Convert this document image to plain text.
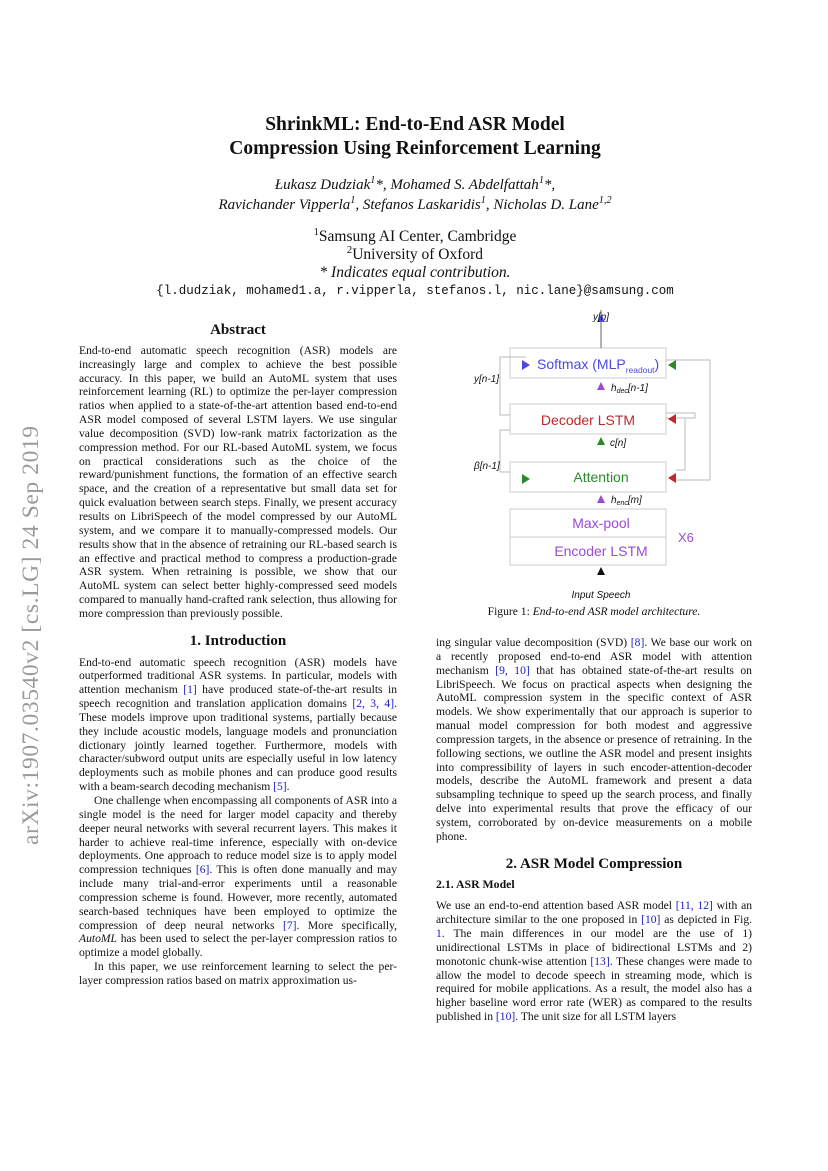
arXiv:1907.03540v2 [cs.LG] 24 Sep 2019
ShrinkML: End-to-End ASR Model
Compression Using Reinforcement Learning
Łukasz Dudziak$^1$*, Mohamed S. Abdelfattah$^1$*,
Ravichander Vipperla$^1$, Stefanos Laskaridis$^1$, Nicholas D. Lane$^{1,2}$
$^1$Samsung AI Center, Cambridge
$^2$University of Oxford
* Indicates equal contribution.
{l.dudziak, mohamed1.a, r.vipperla, stefanos.l, nic.lane}@samsung.com
Abstract

End-to-end automatic speech recognition (ASR) models are increasingly large and complex to achieve the best possible accuracy. In this paper, we build an AutoML system that uses reinforcement learning (RL) to optimize the per-layer compression ratios when applied to a state-of-the-art attention based end-to-end ASR model composed of several LSTM layers. We use singular value decomposition (SVD) low-rank matrix factorization as the compression method. For our RL-based AutoML system, we focus on practical considerations such as the choice of the reward/punishment functions, the formation of an effective search space, and the creation of a representative but small data set for quick evaluation between search steps. Finally, we present accuracy results on LibriSpeech of the model compressed by our AutoML system, and we compare it to manually-compressed models. Our results show that in the absence of retraining our RL-based search is an effective and practical method to compress a production-grade ASR system. When retraining is possible, we show that our AutoML system can select better highly-compressed seed models compared to manually hand-crafted rank selection, thus allowing for more compression than previously possible.

1. Introduction

End-to-end automatic speech recognition (ASR) models have outperformed traditional ASR systems. In particular, models with attention mechanism [1] have produced state-of-the-art results in speech recognition and translation application domains [2, 3, 4]. These models improve upon traditional systems, partially because they include acoustic models, language models and pronunciation dictionary jointly learned together. Furthermore, models with character/subword output units are especially useful in low latency deployments such as mobile phones and can produce good results with a beam-search decoding mechanism [5].

One challenge when encompassing all components of ASR into a single model is the need for larger model capacity and thereby deeper neural networks with several recurrent layers. This makes it harder to achieve real-time inference, especially with on-device deployments. One approach to reduce model size is to apply model compression techniques [6]. This is often done manually and may include many trial-and-error experiments until a reasonable compression scheme is found. However, more recently, automated search-based techniques have been employed to optimize the compression of deep neural networks [7]. More specifically, AutoML has been used to select the per-layer compression ratios to optimize a model globally.

In this paper, we use reinforcement learning to select the per-layer compression ratios based on matrix approximation us-

y[n]
y[n-1]
β[n-1]
Softmax $(MLP_{readout})$
$h_{dec}[n-1]$
Decoder LSTM
c[n]
Attention
$h_{enc}[m]$
Max-pool
Encoder LSTM
X6
Input Speech
Figure 1: End-to-end ASR model architecture.

ing singular value decomposition (SVD) [8]. We base our work on a recently proposed end-to-end ASR model with attention mechanism [9, 10] that has obtained state-of-the-art results on LibriSpeech. We focus on practical aspects when designing the AutoML compression system in the specific context of ASR models. We show experimentally that our approach is superior to manual model compression for both modest and aggressive compression targets, in the absence or presence of retraining. In the following sections, we outline the ASR model and present insights into compressibility of layers in such encoder-attention-decoder models, describe the AutoML framework and present a data subsampling technique to speed up the search process, and finally delve into experimental results that prove the efficacy of our system, corroborated by on-device measurements on a mobile phone.

2. ASR Model Compression
2.1. ASR Model

We use an end-to-end attention based ASR model [11, 12] with an architecture similar to the one proposed in [10] as depicted in Fig. 1. The main differences in our model are the use of 1) unidirectional LSTMs in place of bidirectional LSTMs and 2) monotonic chunk-wise attention [13]. These changes were made to allow the model to decode speech in streaming mode, which is required for mobile applications. As a result, the model also has a higher baseline word error rate (WER) as compared to the results published in [10]. The unit size for all LSTM layers
